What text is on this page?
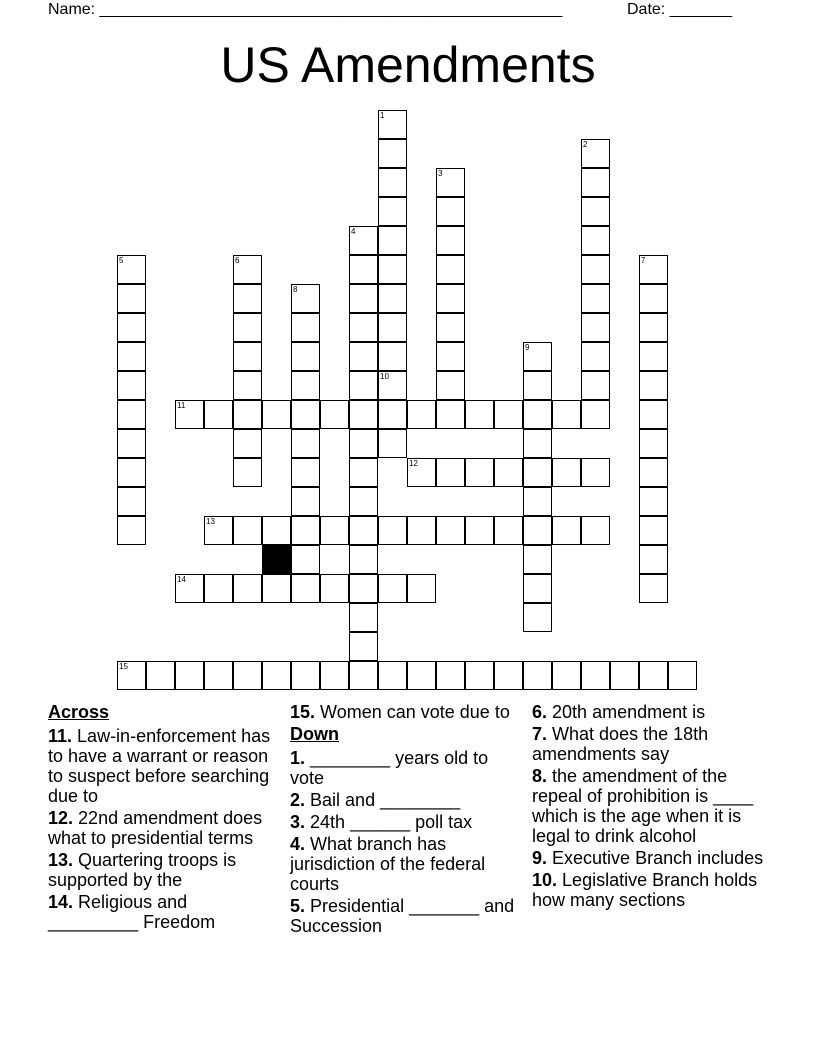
Name: ____________________________________________________	Date: _______
US Amendments
11
12
13
14
15
1
2
3
4
5	6	7
8
9
10
Across
11. Law-in-enforcement has to have a warrant or reason to suspect before searching due to
12. 22nd amendment does what to presidential terms
13. Quartering troops is supported by the
14. Religious and _________ Freedom
15. Women can vote due to
Down
1. ________ years old to vote
2. Bail and ________
3. 24th ______ poll tax
4. What branch has jurisdiction of the federal courts
5. Presidential _______ and Succession
6. 20th amendment is
7. What does the 18th amendments say
8. the amendment of the repeal of prohibition is ____ which is the age when it is legal to drink alcohol
9. Executive Branch includes
10. Legislative Branch holds how many sections
